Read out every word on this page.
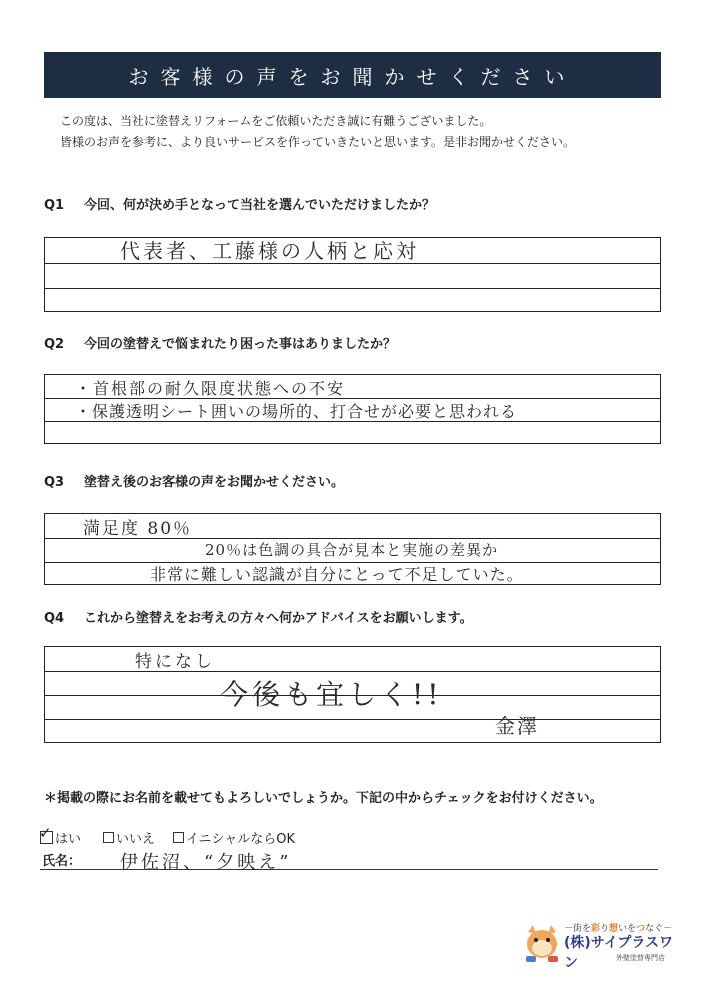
お客様の声をお聞かせください
この度は、当社に塗替えリフォームをご依頼いただき誠に有難うございました。
皆様のお声を参考に、より良いサービスを作っていきたいと思います。是非お聞かせください。
Q1 今回、何が決め手となって当社を選んでいただけましたか？
代表者、工藤様の人柄と応対
Q2 今回の塗替えで悩まれたり困った事はありましたか？
・首根部の耐久限度状態への不安
・保護透明シート囲いの場所的、打合せが必要と思われる
Q3 塗替え後のお客様の声をお聞かせください。
満足度 80％
20％は色調の具合が見本と実施の差異か
非常に難しい認識が自分にとって不足していた。
Q4 これから塗替えをお考えの方々へ何かアドバイスをお願いします。
特になし
今後も宜しく!!
金澤
＊掲載の際にお名前を載せてもよろしいでしょうか。下記の中からチェックをお付けください。
✓ はい	いいえ	イニシャルならOK
氏名： 伊佐沼、“夕映え”
－街を彩り想いをつなぐ－
(株)サイプラスワン	外壁塗替専門店
